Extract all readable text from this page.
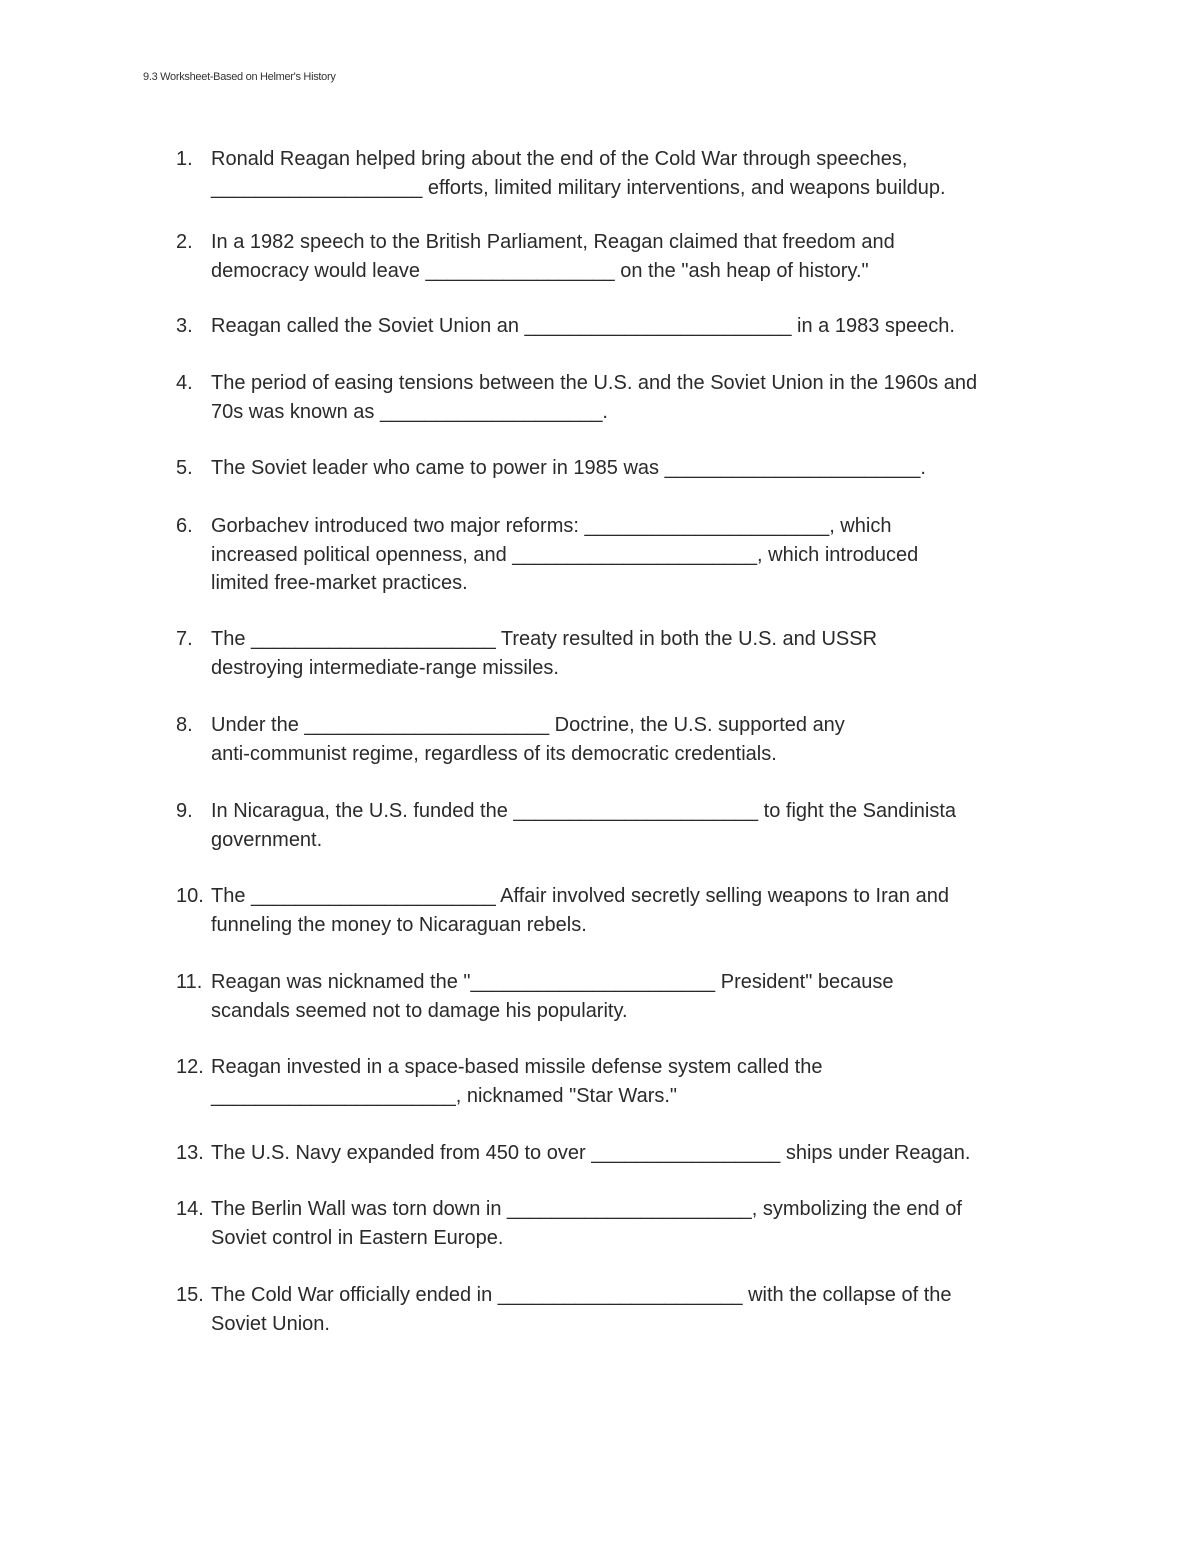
9.3 Worksheet-Based on Helmer's History
1. Ronald Reagan helped bring about the end of the Cold War through speeches,
___________________ efforts, limited military interventions, and weapons buildup.
2. In a 1982 speech to the British Parliament, Reagan claimed that freedom and
democracy would leave _________________ on the "ash heap of history."
3. Reagan called the Soviet Union an ________________________ in a 1983 speech.
4. The period of easing tensions between the U.S. and the Soviet Union in the 1960s and
70s was known as ____________________.
5. The Soviet leader who came to power in 1985 was _______________________.
6. Gorbachev introduced two major reforms: ______________________, which
increased political openness, and ______________________, which introduced
limited free-market practices.
7. The ______________________ Treaty resulted in both the U.S. and USSR
destroying intermediate-range missiles.
8. Under the ______________________ Doctrine, the U.S. supported any
anti-communist regime, regardless of its democratic credentials.
9. In Nicaragua, the U.S. funded the ______________________ to fight the Sandinista
government.
10. The ______________________ Affair involved secretly selling weapons to Iran and
funneling the money to Nicaraguan rebels.
11. Reagan was nicknamed the "______________________ President" because
scandals seemed not to damage his popularity.
12. Reagan invested in a space-based missile defense system called the
______________________, nicknamed "Star Wars."
13. The U.S. Navy expanded from 450 to over _________________ ships under Reagan.
14. The Berlin Wall was torn down in ______________________, symbolizing the end of
Soviet control in Eastern Europe.
15. The Cold War officially ended in ______________________ with the collapse of the
Soviet Union.
